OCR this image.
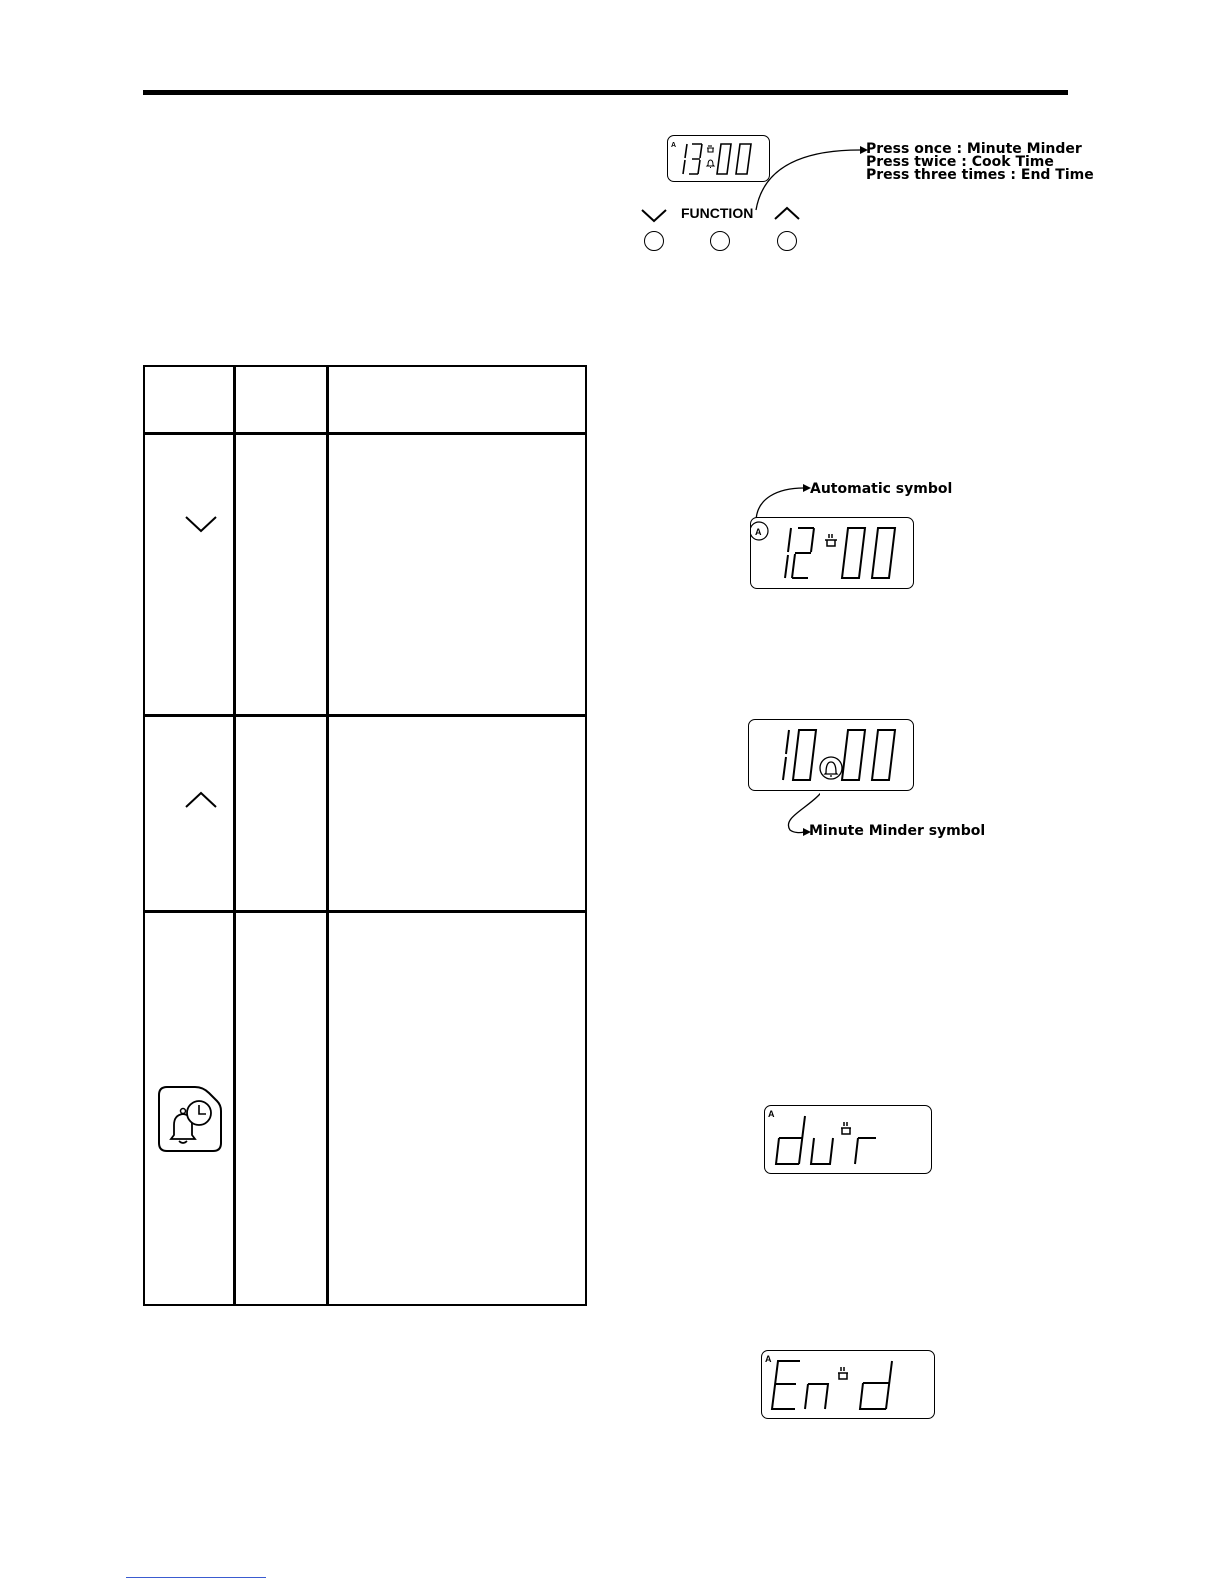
A	Press once : Minute Minder
Press twice : Cook Time
Press three times : End Time
FUNCTION
Automatic symbol
A
Minute Minder symbol
A
A
